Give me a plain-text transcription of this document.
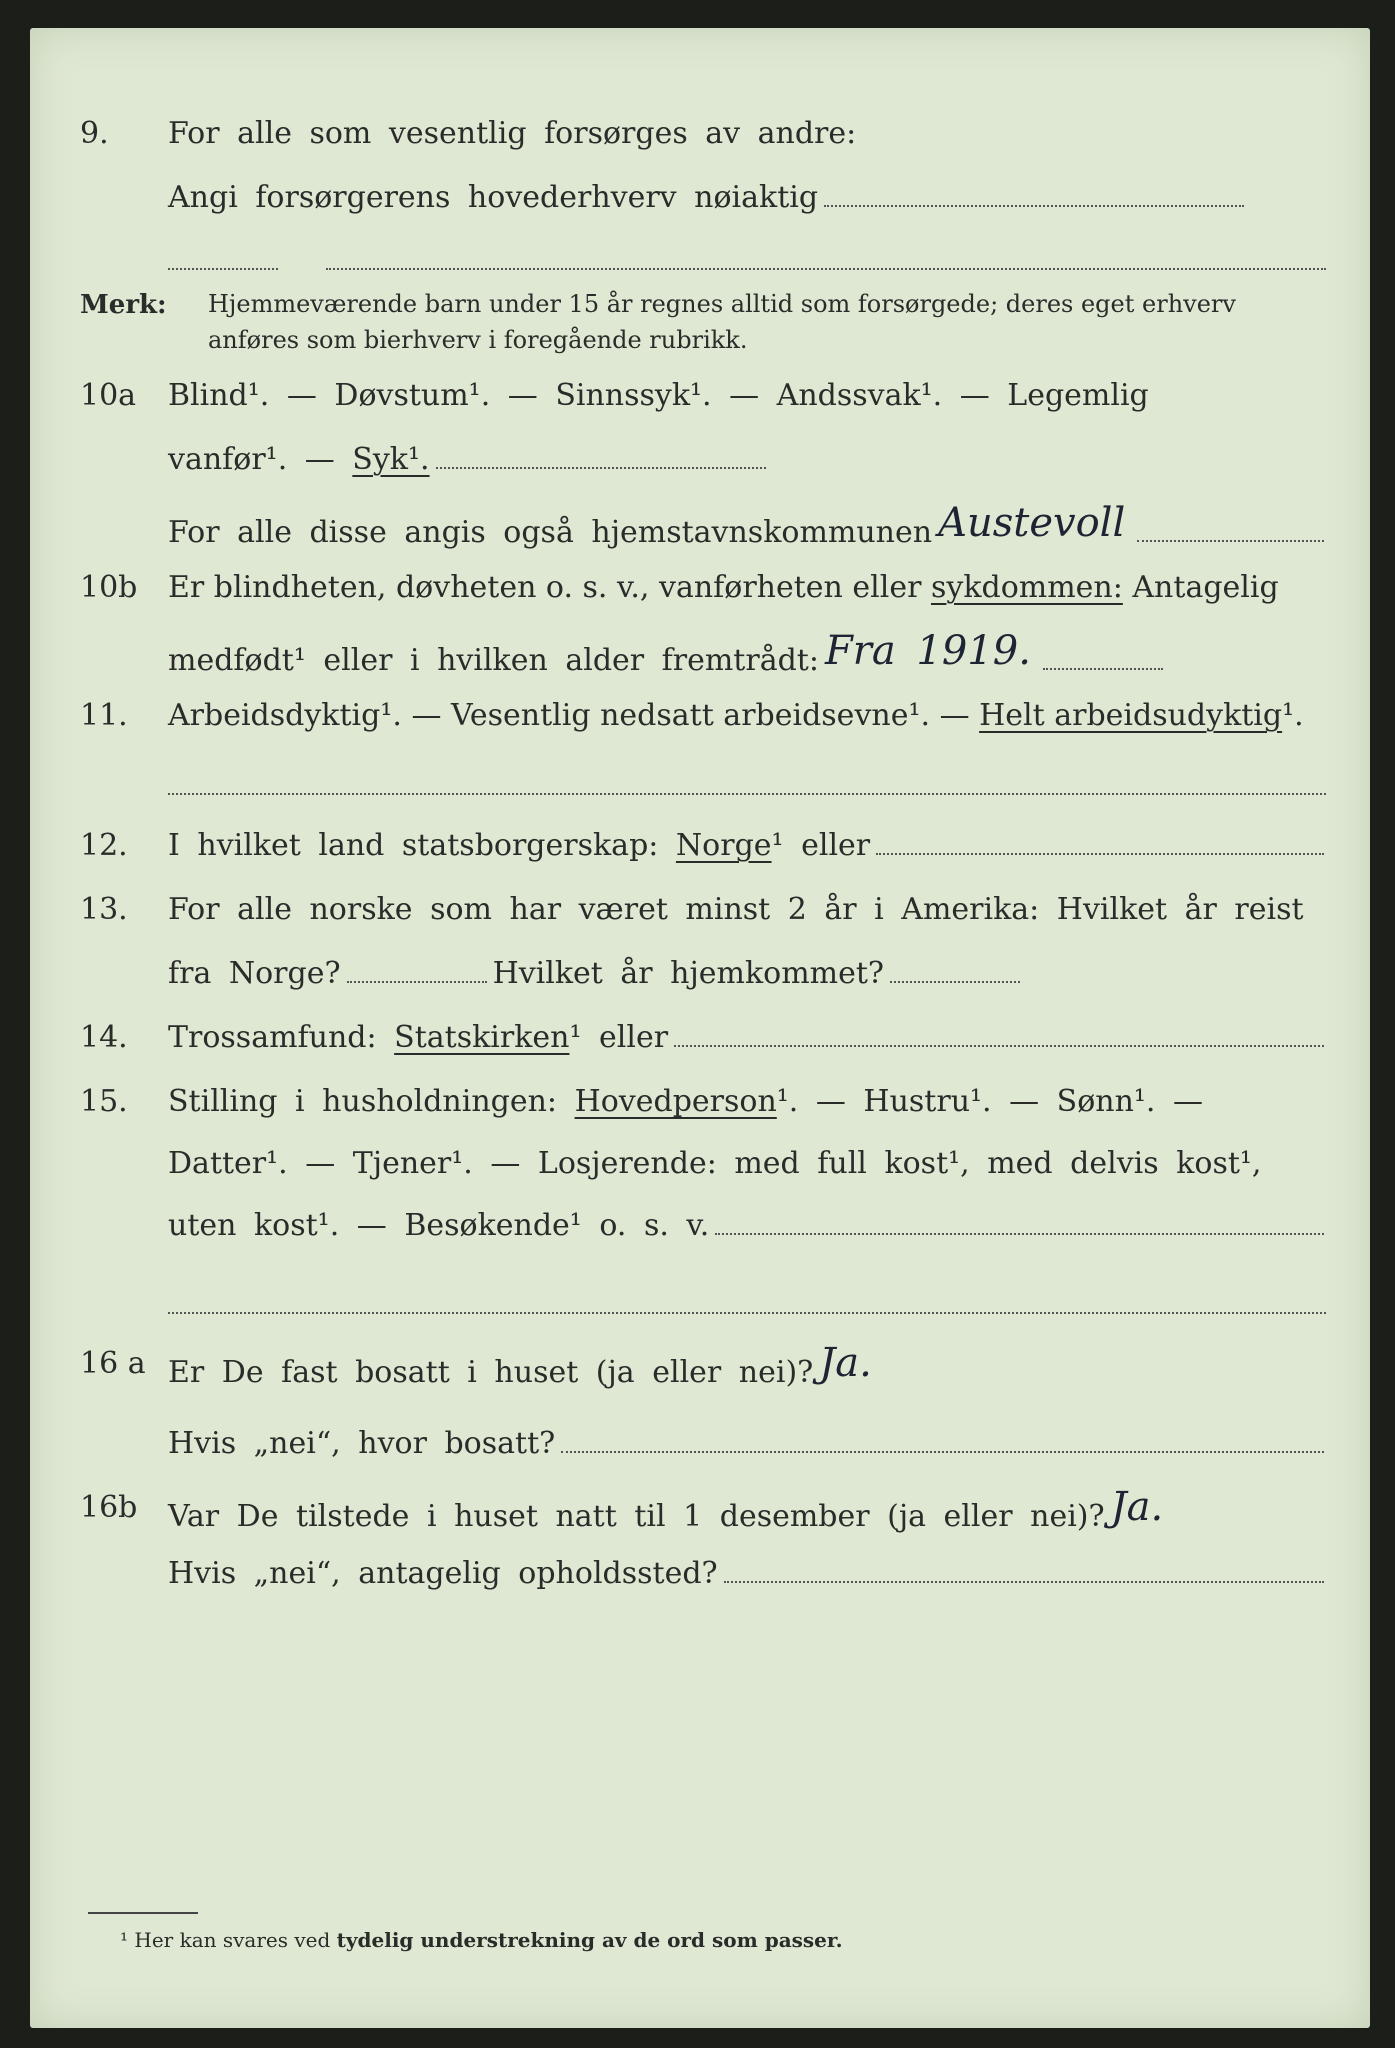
9. For alle som vesentlig forsørges av andre:
Angi forsørgerens hovederhverv nøiaktig
Merk: Hjemmeværende barn under 15 år regnes alltid som forsørgede; deres eget erhverv
anføres som bierhverv i foregående rubrikk.
10a Blind¹. — Døvstum¹. — Sinnssyk¹. — Andssvak¹. — Legemlig
vanfør¹. — Syk¹.
For alle disse angis også hjemstavnskommunen Austevoll
10b Er blindheten, døvheten o. s. v., vanførheten eller sykdommen: Antagelig
medfødt¹ eller i hvilken alder fremtrådt: Fra 1919.
11. Arbeidsdyktig¹. — Vesentlig nedsatt arbeidsevne¹. — Helt arbeidsudyktig ¹.
12. I hvilket land statsborgerskap: Norge ¹ eller
13. For alle norske som har været minst 2 år i Amerika: Hvilket år reist
fra Norge?	Hvilket år hjemkommet?
14. Trossamfund: Statskirken ¹ eller
15. Stilling i husholdningen: Hovedperson ¹. — Hustru¹. — Sønn¹. —
Datter¹. — Tjener¹. — Losjerende: med full kost¹, med delvis kost¹,
uten kost¹. — Besøkende¹ o. s. v.
16 a Er De fast bosatt i huset (ja eller nei)? Ja.
Hvis „nei“, hvor bosatt?
16b Var De tilstede i huset natt til 1 desember (ja eller nei)? Ja.
Hvis „nei“, antagelig opholdssted?
¹ Her kan svares ved tydelig understrekning av de ord som passer.
